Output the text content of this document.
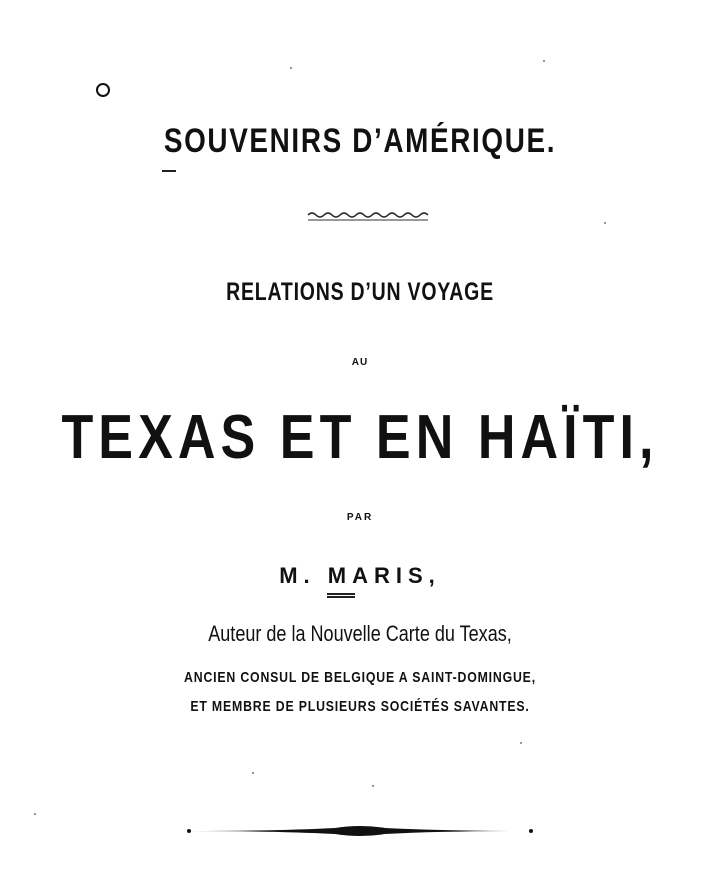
SOUVENIRS D’AMÉRIQUE.
RELATIONS D’UN VOYAGE
AU
TEXAS ET EN HAÏTI,
PAR
M. MARIS,
Auteur de la Nouvelle Carte du Texas,
ANCIEN CONSUL DE BELGIQUE A SAINT-DOMINGUE,
ET MEMBRE DE PLUSIEURS SOCIÉTÉS SAVANTES.
